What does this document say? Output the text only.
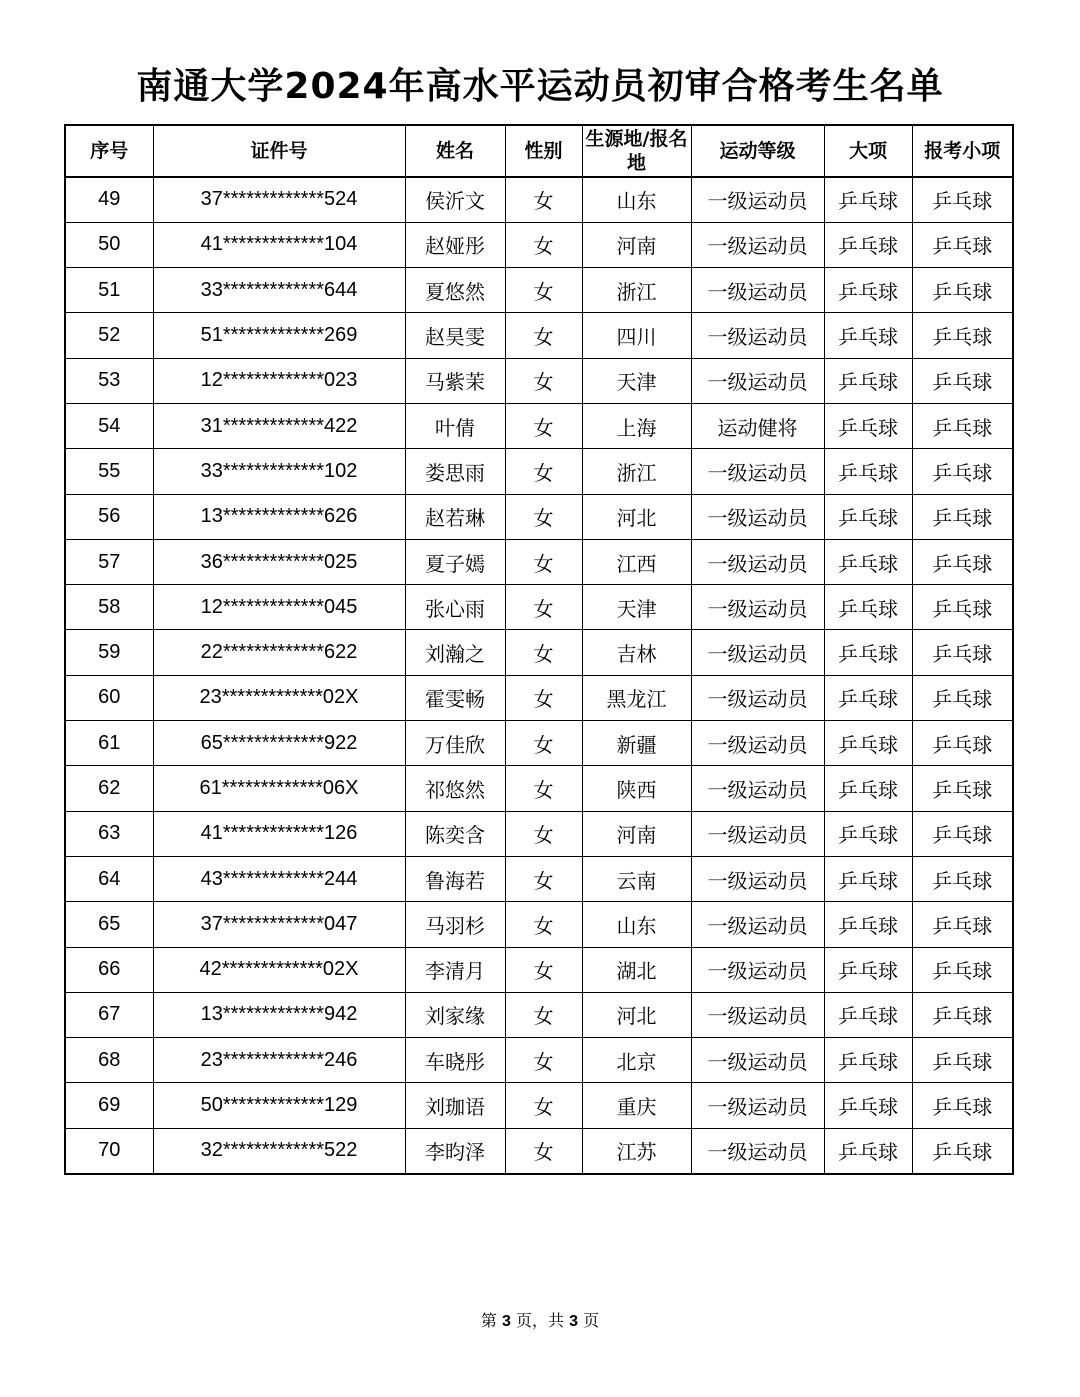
南通大学2024年高水平运动员初审合格考生名单
序号	证件号	姓名	性别	生源地/报名地	运动等级	大项	报考小项
49	37*************524	侯沂文	女	山东	一级运动员	乒乓球	乒乓球
50	41*************104	赵娅彤	女	河南	一级运动员	乒乓球	乒乓球
51	33*************644	夏悠然	女	浙江	一级运动员	乒乓球	乒乓球
52	51*************269	赵昊雯	女	四川	一级运动员	乒乓球	乒乓球
53	12*************023	马紫茉	女	天津	一级运动员	乒乓球	乒乓球
54	31*************422	叶倩	女	上海	运动健将	乒乓球	乒乓球
55	33*************102	娄思雨	女	浙江	一级运动员	乒乓球	乒乓球
56	13*************626	赵若琳	女	河北	一级运动员	乒乓球	乒乓球
57	36*************025	夏子嫣	女	江西	一级运动员	乒乓球	乒乓球
58	12*************045	张心雨	女	天津	一级运动员	乒乓球	乒乓球
59	22*************622	刘瀚之	女	吉林	一级运动员	乒乓球	乒乓球
60	23*************02X	霍雯畅	女	黑龙江	一级运动员	乒乓球	乒乓球
61	65*************922	万佳欣	女	新疆	一级运动员	乒乓球	乒乓球
62	61*************06X	祁悠然	女	陕西	一级运动员	乒乓球	乒乓球
63	41*************126	陈奕含	女	河南	一级运动员	乒乓球	乒乓球
64	43*************244	鲁海若	女	云南	一级运动员	乒乓球	乒乓球
65	37*************047	马羽杉	女	山东	一级运动员	乒乓球	乒乓球
66	42*************02X	李清月	女	湖北	一级运动员	乒乓球	乒乓球
67	13*************942	刘家缘	女	河北	一级运动员	乒乓球	乒乓球
68	23*************246	车晓彤	女	北京	一级运动员	乒乓球	乒乓球
69	50*************129	刘珈语	女	重庆	一级运动员	乒乓球	乒乓球
70	32*************522	李昀泽	女	江苏	一级运动员	乒乓球	乒乓球
第 3 页，共 3 页
